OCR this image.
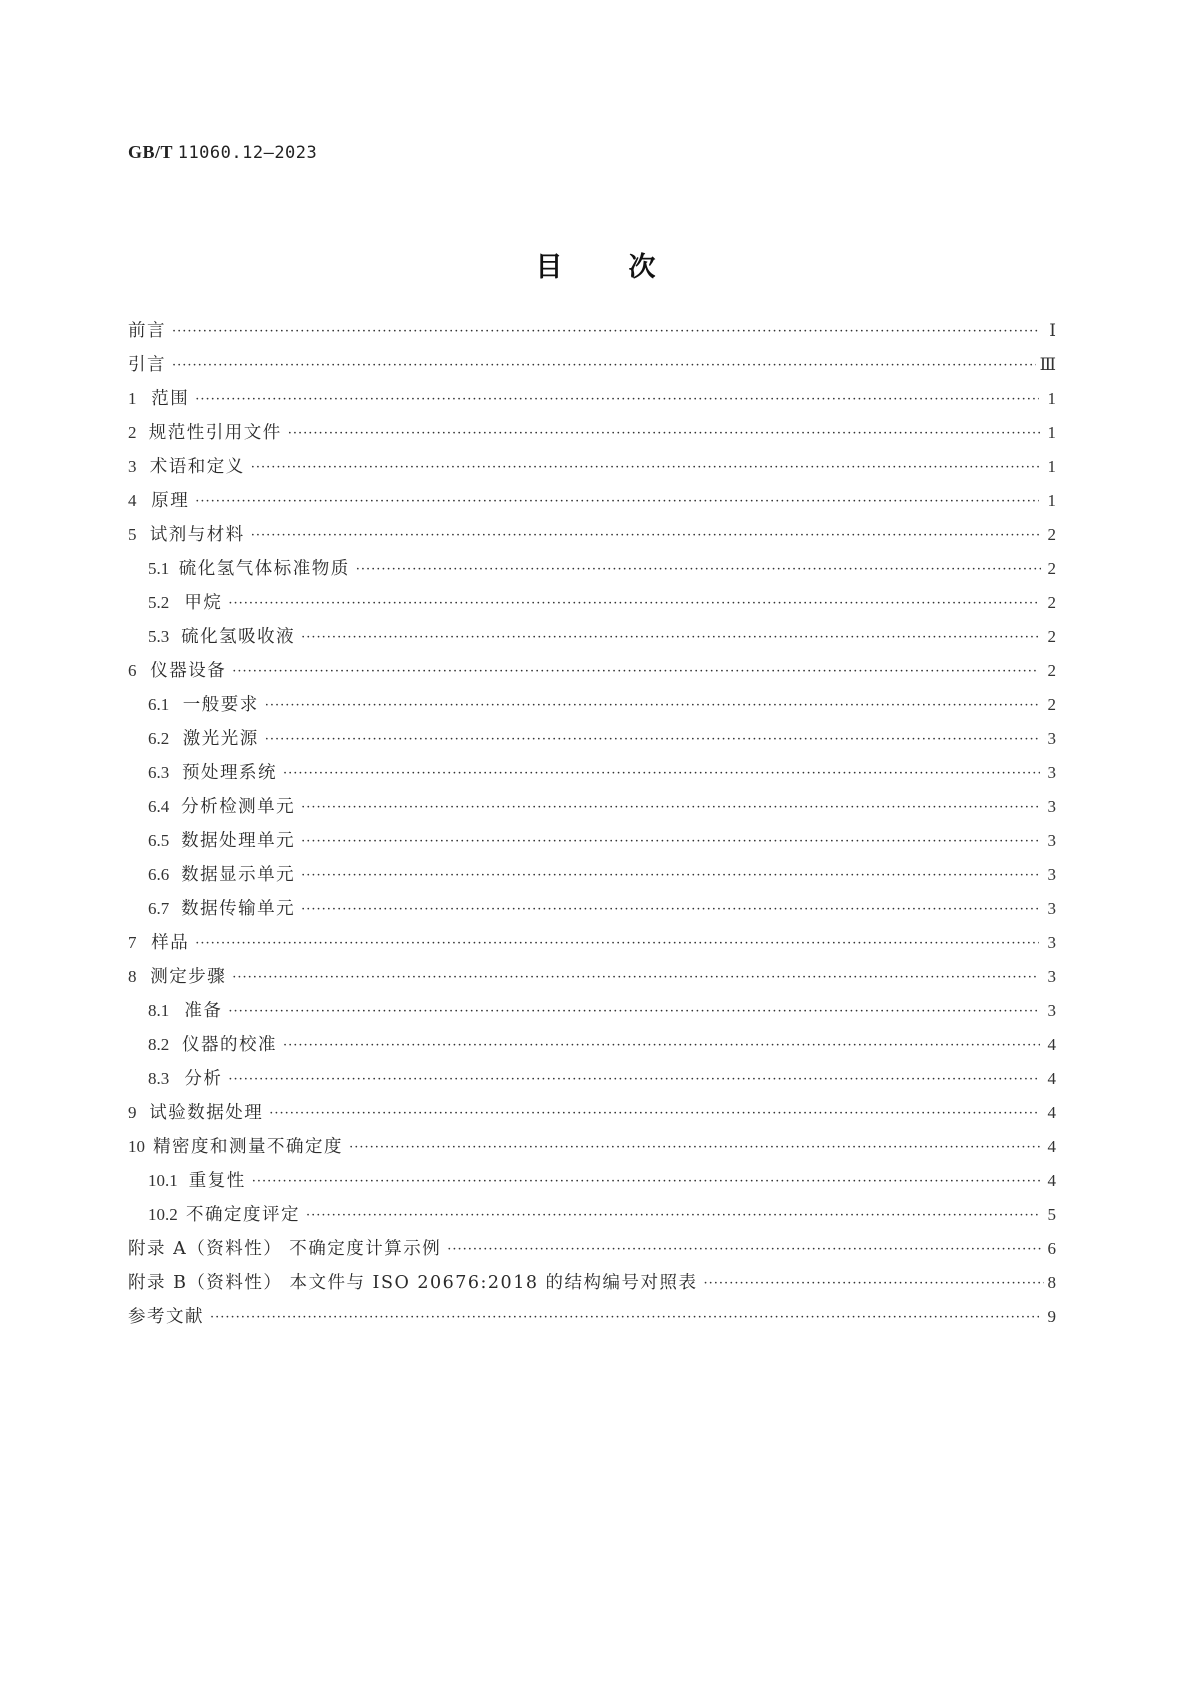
GB/T 11060.12—2023
目 次
前言 ·····	Ⅰ
引言 ·····	Ⅲ
1 范围 ·····	1
2 规范性引用文件 ·····	1
3 术语和定义 ·····	1
4 原理 ·····	1
5 试剂与材料 ·····	2
5.1 硫化氢气体标准物质 ·····	2
5.2 甲烷 ·····	2
5.3 硫化氢吸收液 ·····	2
6 仪器设备 ·····	2
6.1 一般要求 ·····	2
6.2 激光光源 ·····	3
6.3 预处理系统 ·····	3
6.4 分析检测单元 ·····	3
6.5 数据处理单元 ·····	3
6.6 数据显示单元 ·····	3
6.7 数据传输单元 ·····	3
7 样品 ·····	3
8 测定步骤 ·····	3
8.1 准备 ·····	3
8.2 仪器的校准 ·····	4
8.3 分析 ·····	4
9 试验数据处理 ·····	4
10 精密度和测量不确定度 ·····	4
10.1 重复性 ·····	4
10.2 不确定度评定 ·····	5
附录 A（资料性） 不确定度计算示例 ·····	6
附录 B（资料性） 本文件与 ISO 20676:2018 的结构编号对照表 ·····	8
参考文献 ·····	9
